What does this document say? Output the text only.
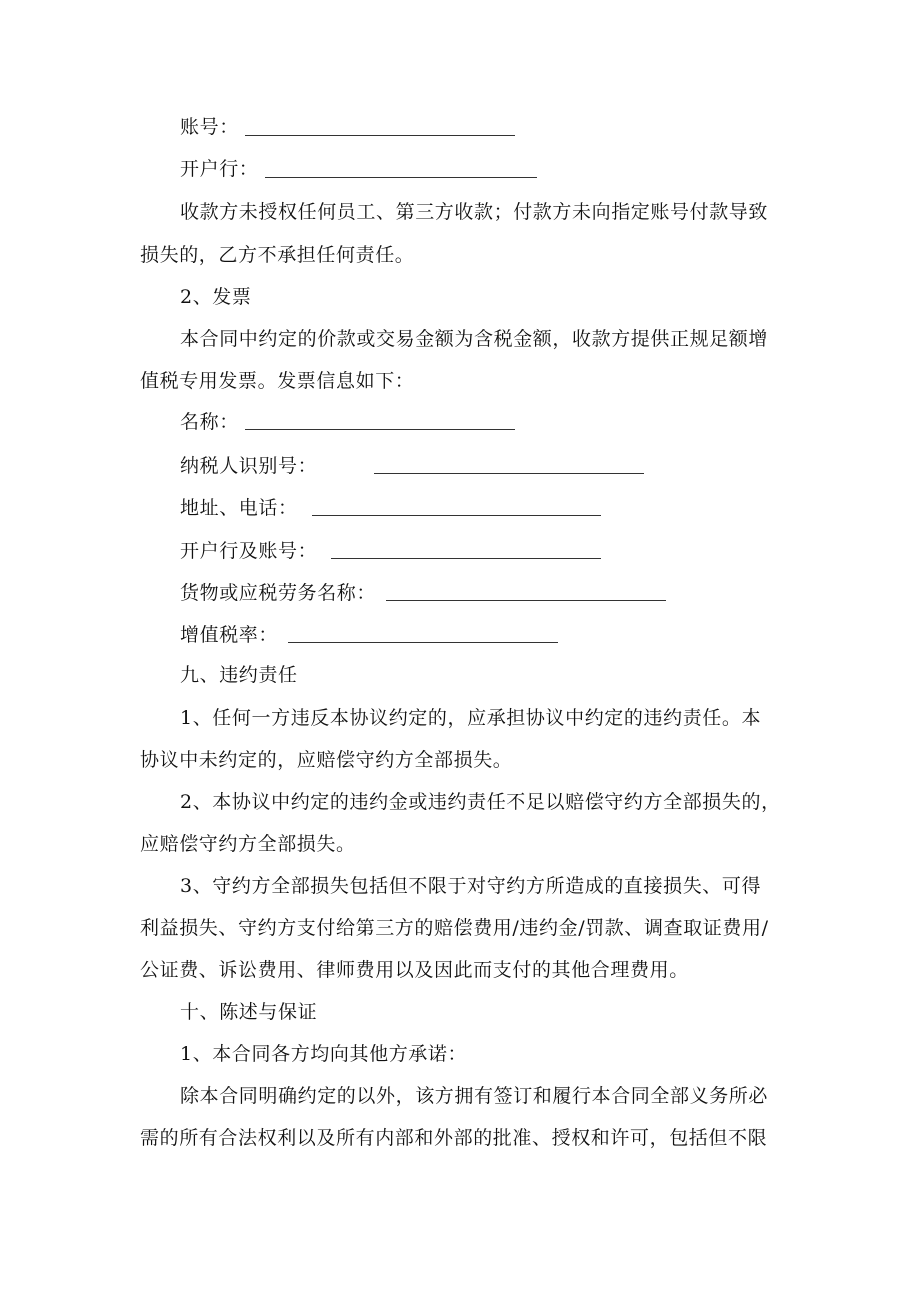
账号：
开户行：
收款方未授权任何员工、第三方收款；付款方未向指定账号付款导致
损失的，乙方不承担任何责任。
2、发票
本合同中约定的价款或交易金额为含税金额，收款方提供正规足额增
值税专用发票。发票信息如下：
名称：
纳税人识别号：
地址、电话：
开户行及账号：
货物或应税劳务名称：
增值税率：
九、违约责任
1、任何一方违反本协议约定的，应承担协议中约定的违约责任。本
协议中未约定的，应赔偿守约方全部损失。
2、本协议中约定的违约金或违约责任不足以赔偿守约方全部损失的，
应赔偿守约方全部损失。
3、守约方全部损失包括但不限于对守约方所造成的直接损失、可得
利益损失、守约方支付给第三方的赔偿费用/违约金/罚款、调查取证费用/
公证费、诉讼费用、律师费用以及因此而支付的其他合理费用。
十、陈述与保证
1、本合同各方均向其他方承诺：
除本合同明确约定的以外，该方拥有签订和履行本合同全部义务所必
需的所有合法权利以及所有内部和外部的批准、授权和许可，包括但不限
